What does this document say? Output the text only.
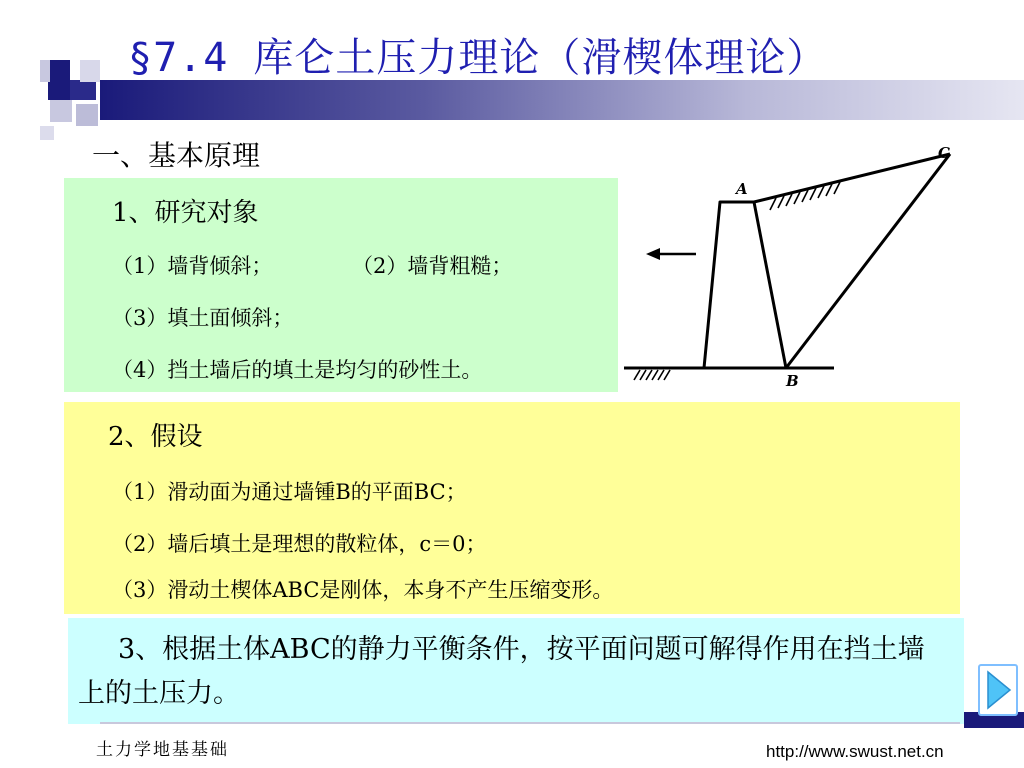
§7.4 库仑土压力理论（滑楔体理论）
一、基本原理
1、研究对象
（1）墙背倾斜；	（2）墙背粗糙；
（3）填土面倾斜；
（4）挡土墙后的填土是均匀的砂性土。
A
B
C
2、假设
（1）滑动面为通过墙锺B的平面BC；
（2）墙后填土是理想的散粒体，c＝0；
（3）滑动土楔体ABC是刚体，本身不产生压缩变形。
3、根据土体ABC的静力平衡条件，按平面问题可解得作用在挡土墙上的土压力。
土力学地基基础	http://www.swust.net.cn
